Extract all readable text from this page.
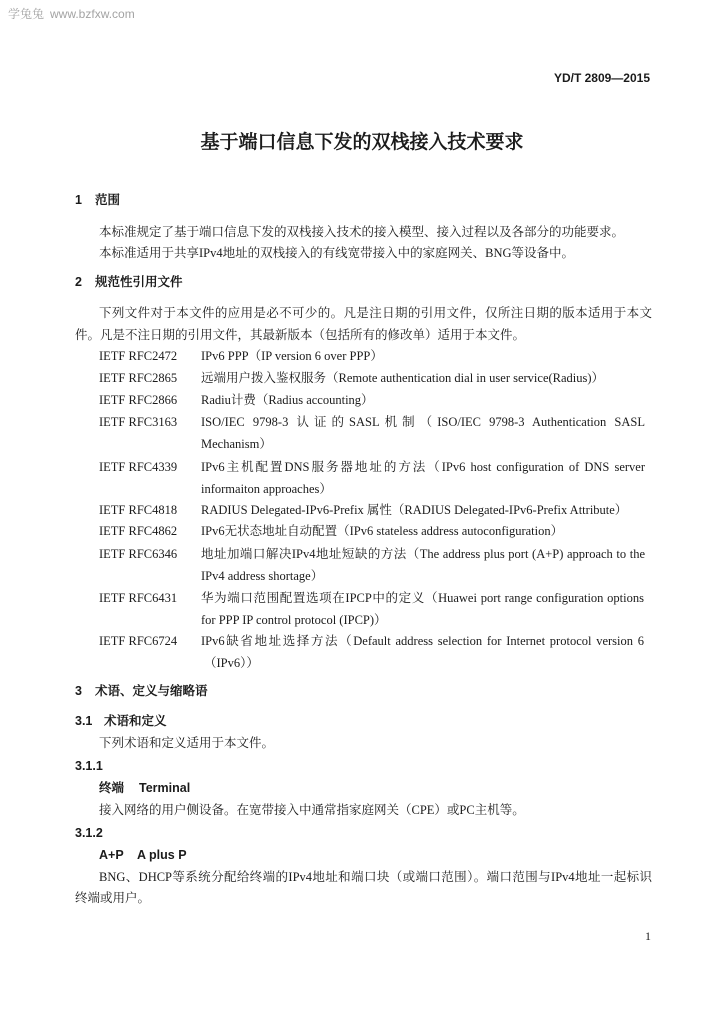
学兔兔 www.bzfxw.com
YD/T 2809—2015
基于端口信息下发的双栈接入技术要求
1 范围
本标准规定了基于端口信息下发的双栈接入技术的接入模型、接入过程以及各部分的功能要求。
本标准适用于共享IPv4地址的双栈接入的有线宽带接入中的家庭网关、BNG等设备中。
2 规范性引用文件
下列文件对于本文件的应用是必不可少的。凡是注日期的引用文件，仅所注日期的版本适用于本文
件。凡是不注日期的引用文件，其最新版本（包括所有的修改单）适用于本文件。
IETF RFC2472 IPv6 PPP（IP version 6 over PPP）
IETF RFC2865 远端用户拨入鉴权服务（Remote authentication dial in user service(Radius)）
IETF RFC2866 Radiu计费（Radius accounting）
IETF RFC3163 ISO/IEC 9798-3 认证的SASL机制（ISO/IEC 9798-3 Authentication SASL
Mechanism）
IETF RFC4339 IPv6主机配置DNS服务器地址的方法（IPv6 host configuration of DNS server
informaiton approaches）
IETF RFC4818 RADIUS Delegated-IPv6-Prefix 属性（RADIUS Delegated-IPv6-Prefix Attribute）
IETF RFC4862 IPv6无状态地址自动配置（IPv6 stateless address autoconfiguration）
IETF RFC6346 地址加端口解决IPv4地址短缺的方法（The address plus port (A+P) approach to the
IPv4 address shortage）
IETF RFC6431 华为端口范围配置选项在IPCP中的定义（Huawei port range configuration options
for PPP IP control protocol (IPCP)）
IETF RFC6724 IPv6缺省地址选择方法（Default address selection for Internet protocol version 6
（IPv6））
3 术语、定义与缩略语
3.1 术语和定义
下列术语和定义适用于本文件。
3.1.1
终端 Terminal
接入网络的用户侧设备。在宽带接入中通常指家庭网关（CPE）或PC主机等。
3.1.2
A+P A plus P
BNG、DHCP等系统分配给终端的IPv4地址和端口块（或端口范围）。端口范围与IPv4地址一起标识
终端或用户。
1
